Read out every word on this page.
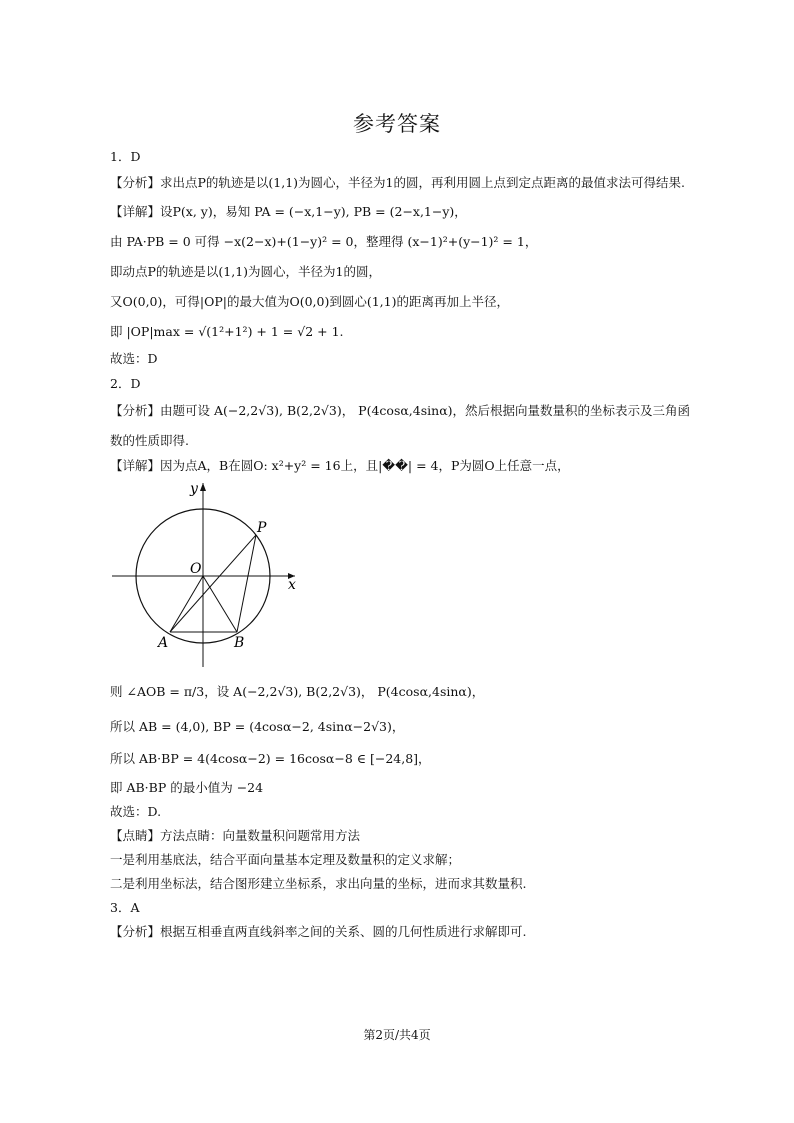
参考答案
1．D
【分析】求出点P的轨迹是以(1,1)为圆心，半径为1的圆，再利用圆上点到定点距离的最值求法可得结果.
【详解】设P(x, y)，易知 PA = (−x,1−y), PB = (2−x,1−y)，
由 PA·PB = 0 可得 −x(2−x)+(1−y)² = 0，整理得 (x−1)²+(y−1)² = 1，
即动点P的轨迹是以(1,1)为圆心，半径为1的圆，
又O(0,0)，可得|OP|的最大值为O(0,0)到圆心(1,1)的距离再加上半径，
即 |OP|max = √(1²+1²) + 1 = √2 + 1.
故选：D
2．D
【分析】由题可设 A(−2,2√3), B(2,2√3)， P(4cosα,4sinα)，然后根据向量数量积的坐标表示及三角函数的性质即得.
【详解】因为点A，B在圆O: x²+y² = 16上，且|��| = 4，P为圆O上任意一点，
y
x
O
P
A	B
则 ∠AOB = π/3，设 A(−2,2√3), B(2,2√3)， P(4cosα,4sinα)，
所以 AB = (4,0), BP = (4cosα−2, 4sinα−2√3)，
所以 AB·BP = 4(4cosα−2) = 16cosα−8 ∈ [−24,8]，
即 AB·BP 的最小值为 −24
故选：D.
【点睛】方法点睛：向量数量积问题常用方法
一是利用基底法，结合平面向量基本定理及数量积的定义求解；
二是利用坐标法，结合图形建立坐标系，求出向量的坐标，进而求其数量积.
3．A
【分析】根据互相垂直两直线斜率之间的关系、圆的几何性质进行求解即可.
第2页/共4页
